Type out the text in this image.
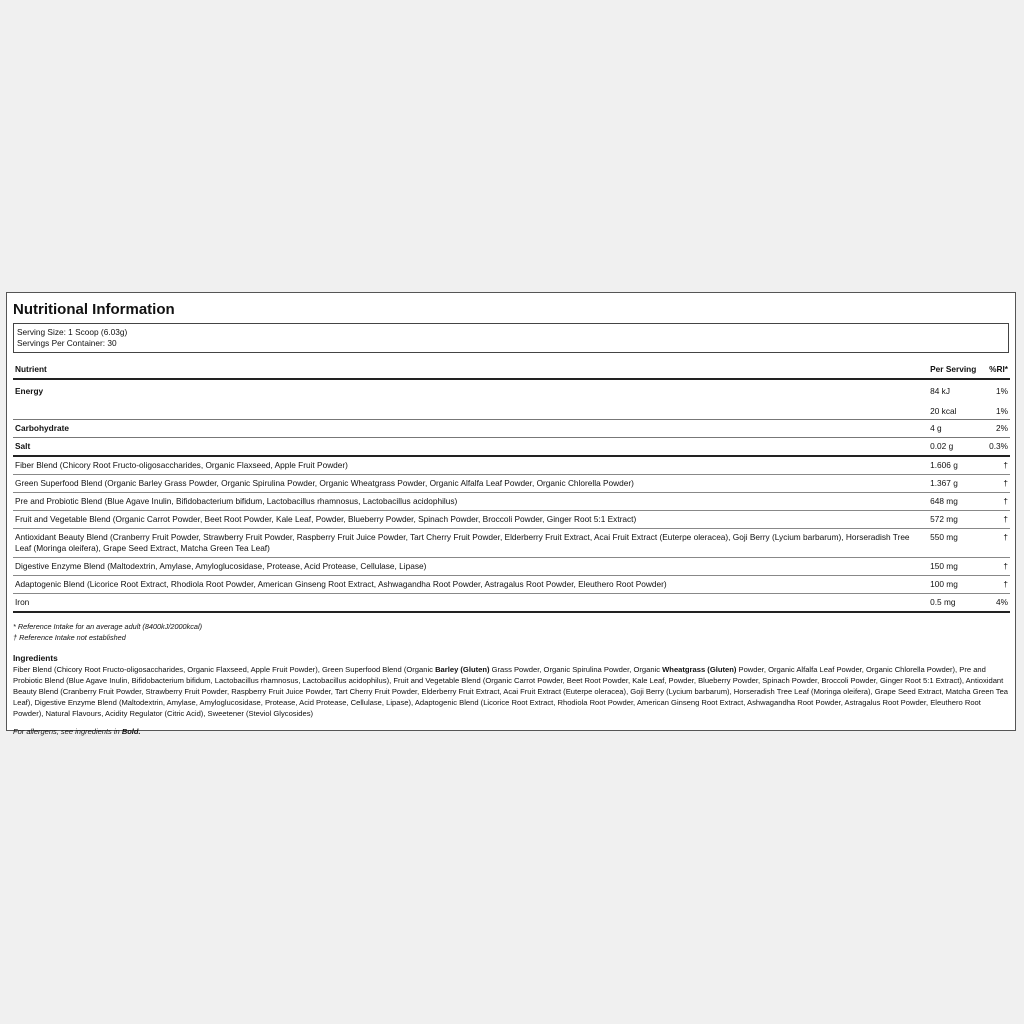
Nutritional Information
Serving Size: 1 Scoop (6.03g)
Servings Per Container: 30
Nutrient	Per Serving	%RI*
Energy	84 kJ	1%
	20 kcal	1%
Carbohydrate	4 g	2%
Salt	0.02 g	0.3%
Fiber Blend (Chicory Root Fructo-oligosaccharides, Organic Flaxseed, Apple Fruit Powder)	1.606 g	†
Green Superfood Blend (Organic Barley Grass Powder, Organic Spirulina Powder, Organic Wheatgrass Powder, Organic Alfalfa Leaf Powder, Organic Chlorella Powder)	1.367 g	†
Pre and Probiotic Blend (Blue Agave Inulin, Bifidobacterium bifidum, Lactobacillus rhamnosus, Lactobacillus acidophilus)	648 mg	†
Fruit and Vegetable Blend (Organic Carrot Powder, Beet Root Powder, Kale Leaf, Powder, Blueberry Powder, Spinach Powder, Broccoli Powder, Ginger Root 5:1 Extract)	572 mg	†
Antioxidant Beauty Blend (Cranberry Fruit Powder, Strawberry Fruit Powder, Raspberry Fruit Juice Powder, Tart Cherry Fruit Powder, Elderberry Fruit Extract, Acai Fruit Extract (Euterpe oleracea), Goji Berry (Lycium barbarum), Horseradish Tree Leaf (Moringa oleifera), Grape Seed Extract, Matcha Green Tea Leaf)	550 mg	†
Digestive Enzyme Blend (Maltodextrin, Amylase, Amyloglucosidase, Protease, Acid Protease, Cellulase, Lipase)	150 mg	†
Adaptogenic Blend (Licorice Root Extract, Rhodiola Root Powder, American Ginseng Root Extract, Ashwagandha Root Powder, Astragalus Root Powder, Eleuthero Root Powder)	100 mg	†
Iron	0.5 mg	4%
* Reference Intake for an average adult (8400kJ/2000kcal)
† Reference Intake not established
Ingredients
Fiber Blend (Chicory Root Fructo-oligosaccharides, Organic Flaxseed, Apple Fruit Powder), Green Superfood Blend (Organic Barley (Gluten) Grass Powder, Organic Spirulina Powder, Organic Wheatgrass (Gluten) Powder, Organic Alfalfa Leaf Powder, Organic Chlorella Powder), Pre and Probiotic Blend (Blue Agave Inulin, Bifidobacterium bifidum, Lactobacillus rhamnosus, Lactobacillus acidophilus), Fruit and Vegetable Blend (Organic Carrot Powder, Beet Root Powder, Kale Leaf, Powder, Blueberry Powder, Spinach Powder, Broccoli Powder, Ginger Root 5:1 Extract), Antioxidant Beauty Blend (Cranberry Fruit Powder, Strawberry Fruit Powder, Raspberry Fruit Juice Powder, Tart Cherry Fruit Powder, Elderberry Fruit Extract, Acai Fruit Extract (Euterpe oleracea), Goji Berry (Lycium barbarum), Horseradish Tree Leaf (Moringa oleifera), Grape Seed Extract, Matcha Green Tea Leaf), Digestive Enzyme Blend (Maltodextrin, Amylase, Amyloglucosidase, Protease, Acid Protease, Cellulase, Lipase), Adaptogenic Blend (Licorice Root Extract, Rhodiola Root Powder, American Ginseng Root Extract, Ashwagandha Root Powder, Astragalus Root Powder, Eleuthero Root Powder), Natural Flavours, Acidity Regulator (Citric Acid), Sweetener (Steviol Glycosides)
For allergens, see ingredients in Bold.
